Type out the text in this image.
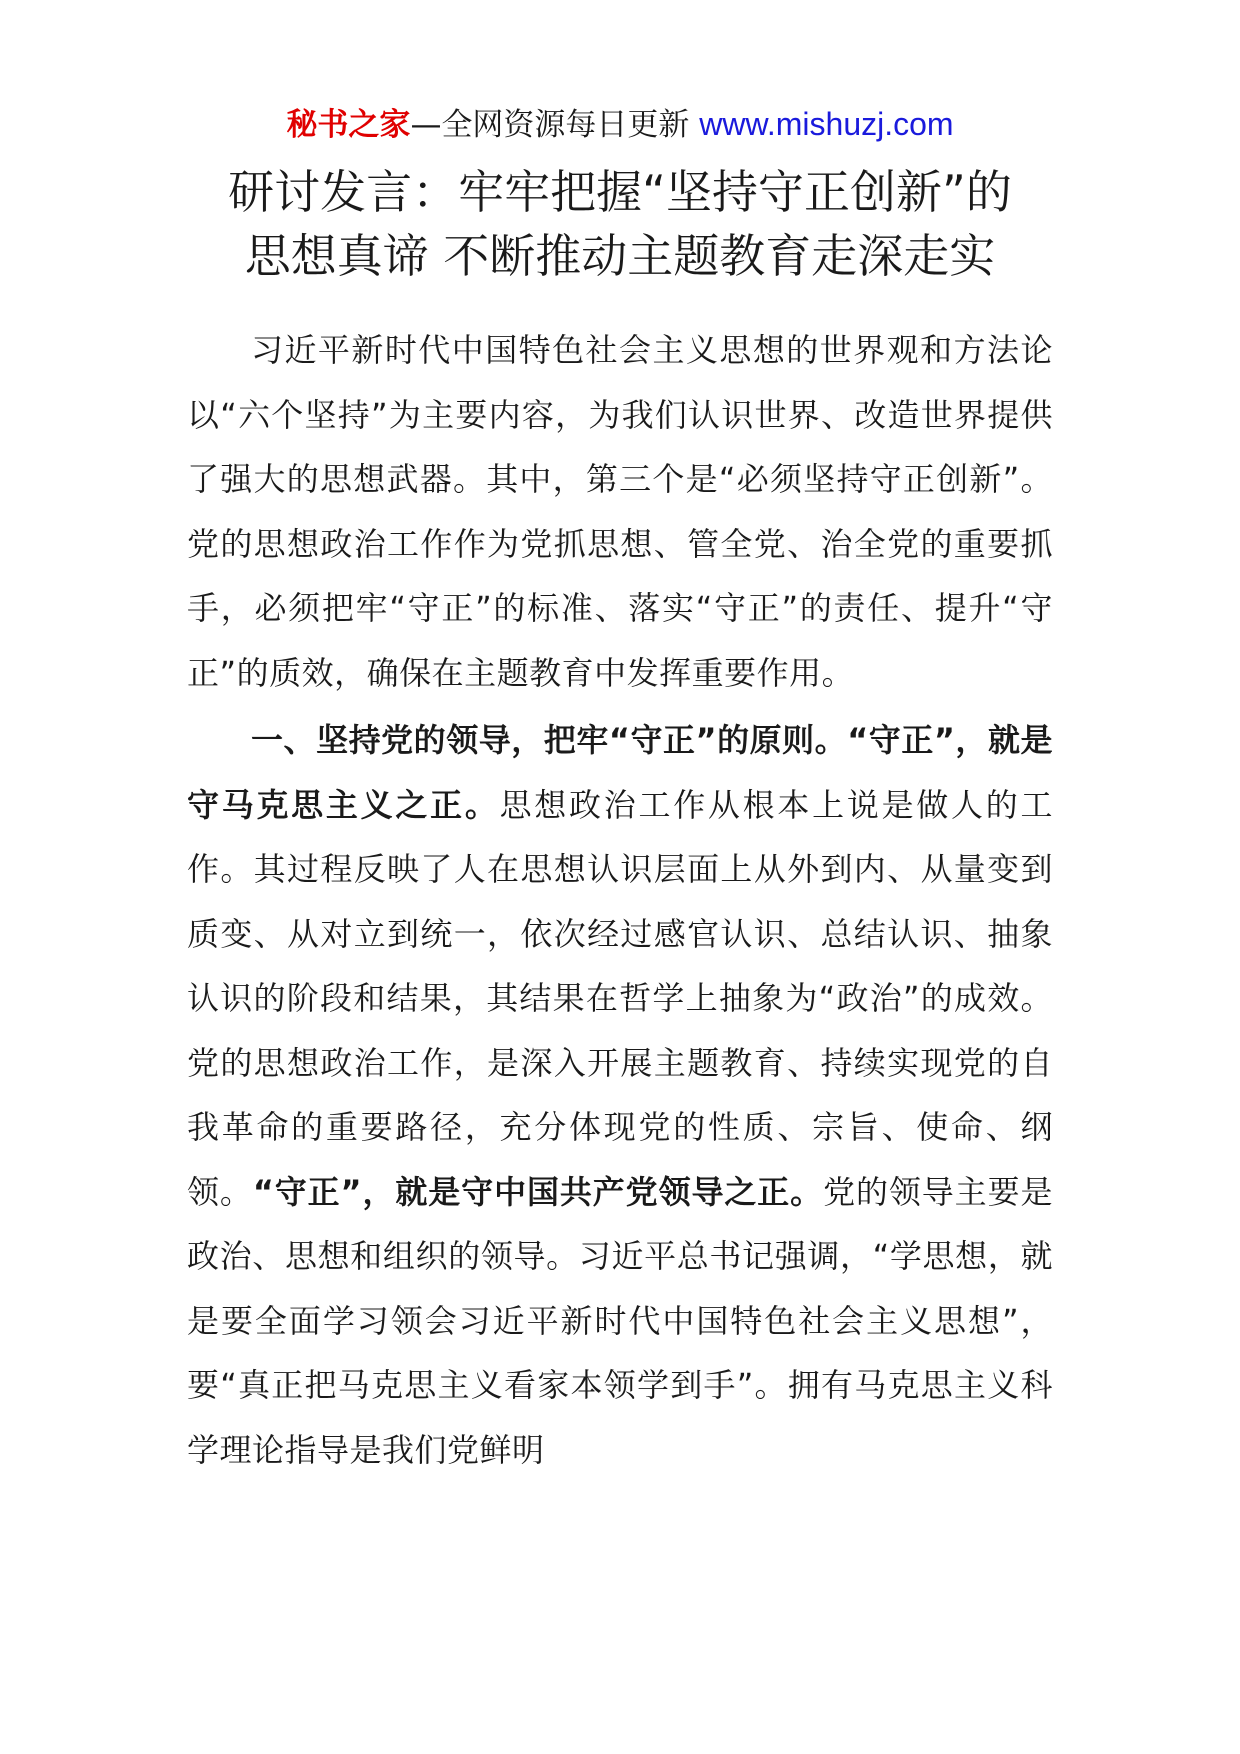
秘书之家—全网资源每日更新 www.mishuzj.com
研讨发言：牢牢把握“坚持守正创新”的
思想真谛 不断推动主题教育走深走实

习近平新时代中国特色社会主义思想的世界观和方法论以“六个坚持”为主要内容，为我们认识世界、改造世界提供了强大的思想武器。其中，第三个是“必须坚持守正创新”。党的思想政治工作作为党抓思想、管全党、治全党的重要抓手，必须把牢“守正”的标准、落实“守正”的责任、提升“守正”的质效，确保在主题教育中发挥重要作用。

一、坚持党的领导，把牢“守正”的原则。“守正”，就是守马克思主义之正。思想政治工作从根本上说是做人的工作。其过程反映了人在思想认识层面上从外到内、从量变到质变、从对立到统一，依次经过感官认识、总结认识、抽象认识的阶段和结果，其结果在哲学上抽象为“政治”的成效。党的思想政治工作，是深入开展主题教育、持续实现党的自我革命的重要路径，充分体现党的性质、宗旨、使命、纲领。“守正”，就是守中国共产党领导之正。党的领导主要是政治、思想和组织的领导。习近平总书记强调，“学思想，就是要全面学习领会习近平新时代中国特色社会主义思想”，要“真正把马克思主义看家本领学到手”。拥有马克思主义科学理论指导是我们党鲜明
